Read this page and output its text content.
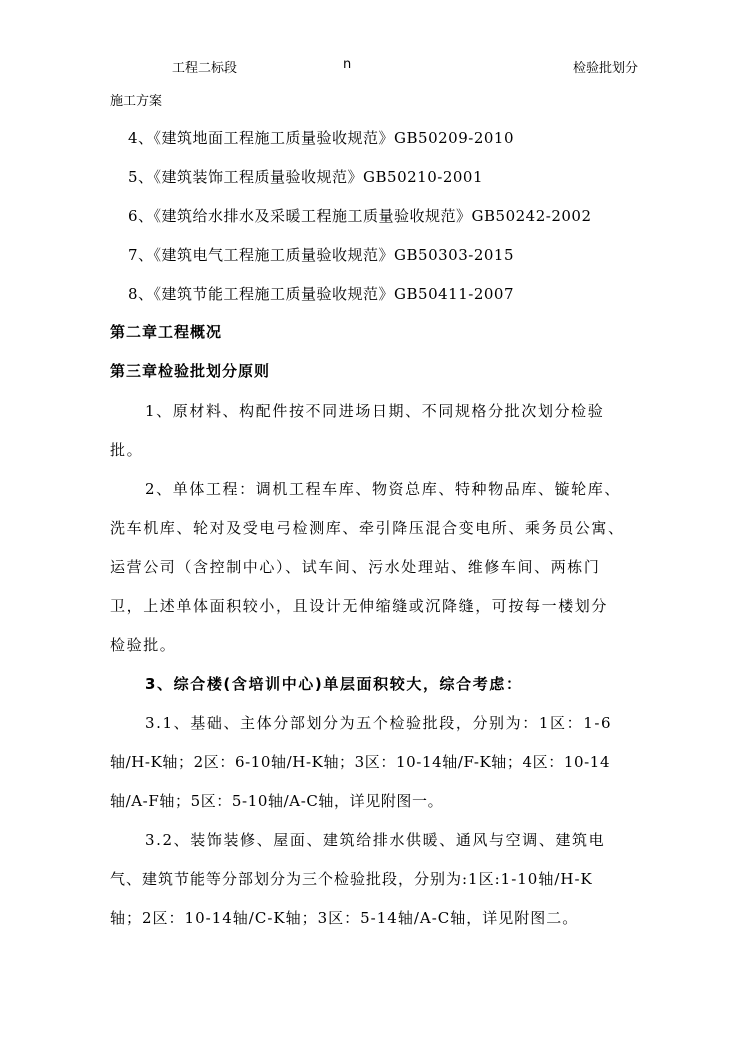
工程二标段	n	检验批划分
施工方案
4、《建筑地面工程施工质量验收规范》GB50209-2010
5、《建筑装饰工程质量验收规范》GB50210-2001
6、《建筑给水排水及采暖工程施工质量验收规范》GB50242-2002
7、《建筑电气工程施工质量验收规范》GB50303-2015
8、《建筑节能工程施工质量验收规范》GB50411-2007
第二章工程概况
第三章检验批划分原则
1、原材料、构配件按不同进场日期、不同规格分批次划分检验
批。
2、单体工程：调机工程车库、物资总库、特种物品库、镟轮库、
洗车机库、轮对及受电弓检测库、牵引降压混合变电所、乘务员公寓、
运营公司（含控制中心）、试车间、污水处理站、维修车间、两栋门
卫，上述单体面积较小，且设计无伸缩缝或沉降缝，可按每一楼划分
检验批。
3、综合楼(含培训中心)单层面积较大，综合考虑：
3.1、基础、主体分部划分为五个检验批段，分别为：1区：1-6
轴/H-K轴；2区：6-10轴/H-K轴；3区：10-14轴/F-K轴；4区：10-14
轴/A-F轴；5区：5-10轴/A-C轴，详见附图一。
3.2、装饰装修、屋面、建筑给排水供暖、通风与空调、建筑电
气、建筑节能等分部划分为三个检验批段，分别为:1区:1-10轴/H-K
轴；2区：10-14轴/C-K轴；3区：5-14轴/A-C轴，详见附图二。
